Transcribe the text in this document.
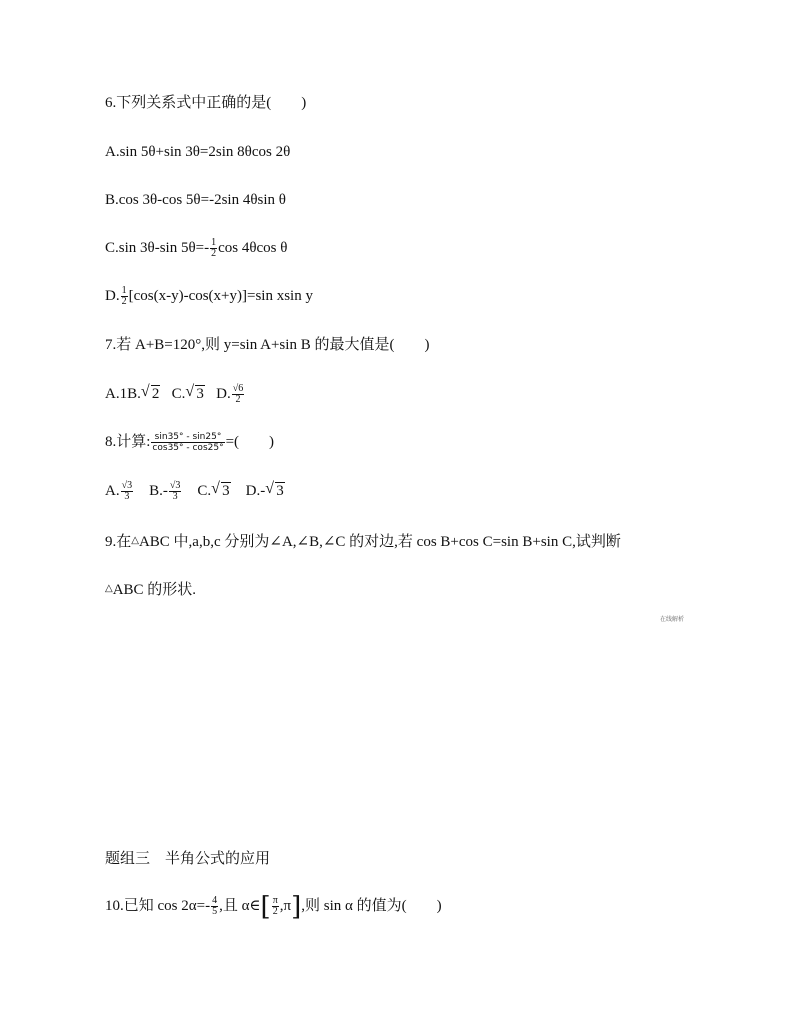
6.下列关系式中正确的是(　　)
A.sin 5θ+sin 3θ=2sin 8θcos 2θ
B.cos 3θ-cos 5θ=-2sin 4θsin θ
C.sin 3θ-sin $5\theta=- \frac{1}{2}$ cos 4θcos θ
D. $\frac{1}{2} [\cos(x-y)-\cos(x+y)]=\sin$ xsin y
7.若 A+B=120°,则 y=sin A+sin B 的最大值是(　　)
A.1B. √ 2 C. √ 3 D. $\frac{√6}{2}$
8.计算: $\frac{\sin 35^\circ - \sin 25^\circ}{\cos 35^\circ - \cos 25^\circ}$ =(　　)
A. $\frac{√3}{3} B.- \frac{√3}{3} C$. √ 3 D.- √ 3
9.在△ABC 中,a,b,c 分别为∠A,∠B,∠C 的对边,若 cos B+cos C=sin B+sin C,试判断
△ABC 的形状.
在线解析
题组三　半角公式的应用
10.已知 $\cos 2\alpha=- \frac{4}{5}$ ,且 α∈[ $\frac{\pi}{2} ,\pi$],则 sin α 的值为(　　)
